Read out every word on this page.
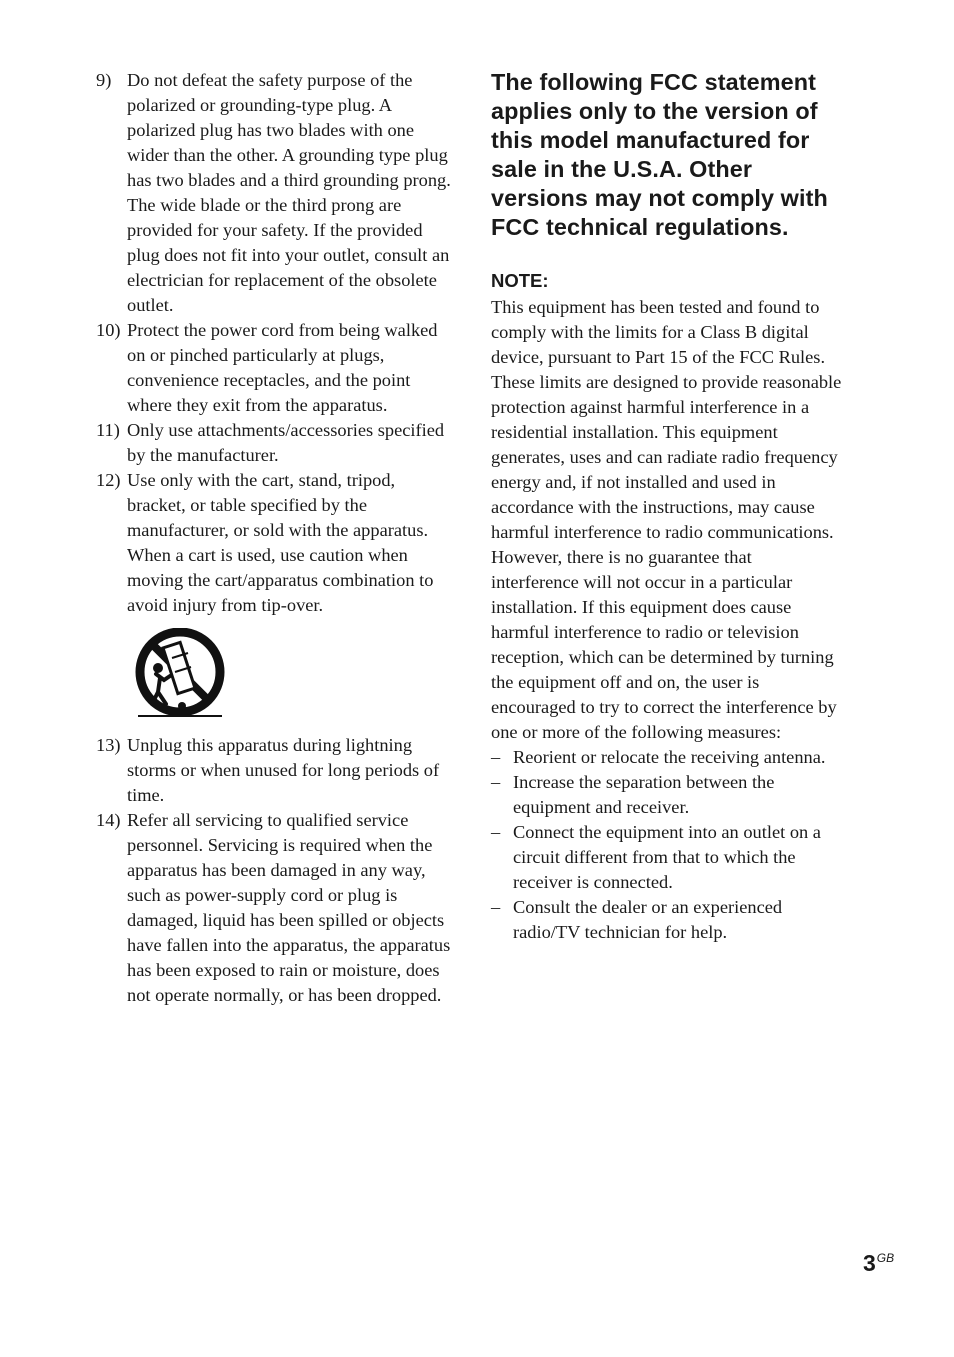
9) Do not defeat the safety purpose of the polarized or grounding-type plug. A polarized plug has two blades with one wider than the other. A grounding type plug has two blades and a third grounding prong. The wide blade or the third prong are provided for your safety. If the provided plug does not fit into your outlet, consult an electrician for replacement of the obsolete outlet.
10) Protect the power cord from being walked on or pinched particularly at plugs, convenience receptacles, and the point where they exit from the apparatus.
11) Only use attachments/accessories specified by the manufacturer.
12) Use only with the cart, stand, tripod, bracket, or table specified by the manufacturer, or sold with the apparatus. When a cart is used, use caution when moving the cart/apparatus combination to avoid injury from tip-over.
13) Unplug this apparatus during lightning storms or when unused for long periods of time.
14) Refer all servicing to qualified service personnel. Servicing is required when the apparatus has been damaged in any way, such as power-supply cord or plug is damaged, liquid has been spilled or objects have fallen into the apparatus, the apparatus has been exposed to rain or moisture, does not operate normally, or has been dropped.
The following FCC statement applies only to the version of this model manufactured for sale in the U.S.A. Other versions may not comply with FCC technical regulations.
NOTE:

This equipment has been tested and found to comply with the limits for a Class B digital device, pursuant to Part 15 of the FCC Rules. These limits are designed to provide reasonable protection against harmful interference in a residential installation. This equipment generates, uses and can radiate radio frequency energy and, if not installed and used in accordance with the instructions, may cause harmful interference to radio communications. However, there is no guarantee that interference will not occur in a particular installation. If this equipment does cause harmful interference to radio or television reception, which can be determined by turning the equipment off and on, the user is encouraged to try to correct the interference by one or more of the following measures:

– Reorient or relocate the receiving antenna.
– Increase the separation between the equipment and receiver.
– Connect the equipment into an outlet on a circuit different from that to which the receiver is connected.
– Consult the dealer or an experienced radio/TV technician for help.
$3^{GB}$
